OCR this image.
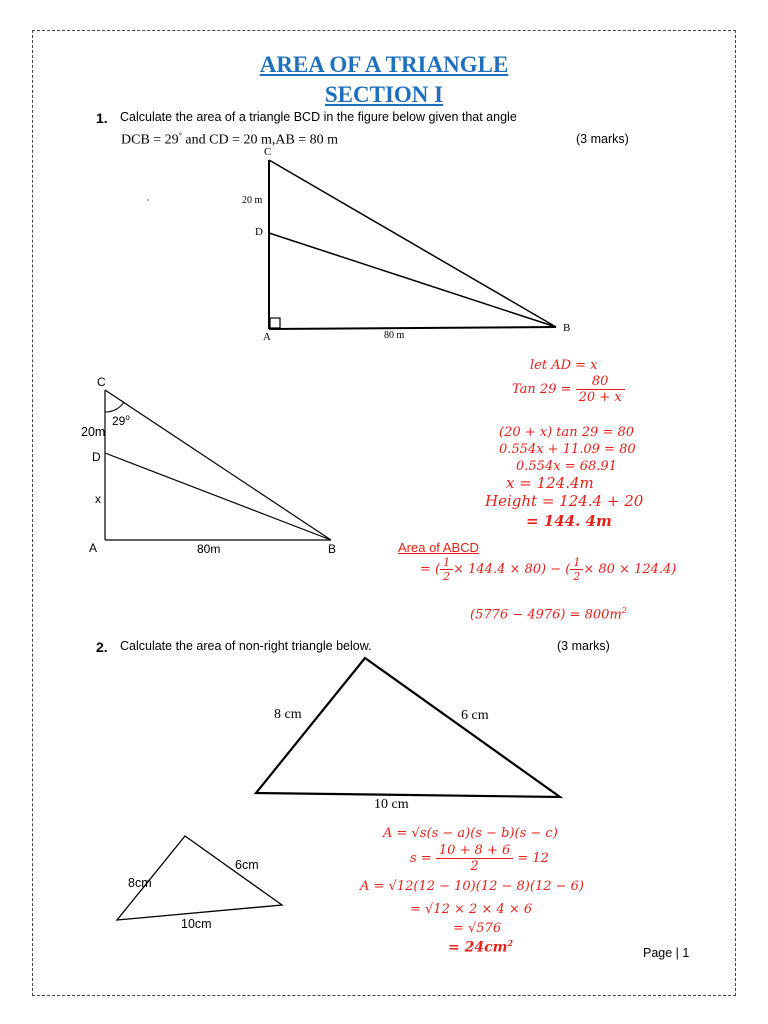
AREA OF A TRIANGLE
SECTION I
1. Calculate the area of a triangle BCD in the figure below given that angle
DCB = 29° and CD = 20 m,AB = 80 m	(3 marks)
C
20 m
D
A	80 m
B
C
29$^o$
20m
D
x
A	80m	B
let AD = x
Tan $29 = \frac{80}{20 + x}$
(20 + x) tan 29 = 80
0.554x + 11.09 = 80
0.554x = 68.91
x = 124.4m
Height = 124.4 + 20
= 144. 4m
Area of ABCD
= ( $\frac{1}{2} \times 144.4 \times 80$) − ( $\frac{1}{2} \times 80 \times 124.4$)
$(5776 - 4976) = 800m^2$
2. Calculate the area of non-right triangle below.	(3 marks)
8 cm	6 cm
10 cm
8cm
6cm
10cm
A = √s(s − a)(s − b)(s − c)
$s = \frac{10 + 8 + 6}{2} = 12$
A = √12(12 − 10)(12 − 8)(12 − 6)
= √12 × 2 × 4 × 6
= √576
= $24cm^2$
Page | 1
